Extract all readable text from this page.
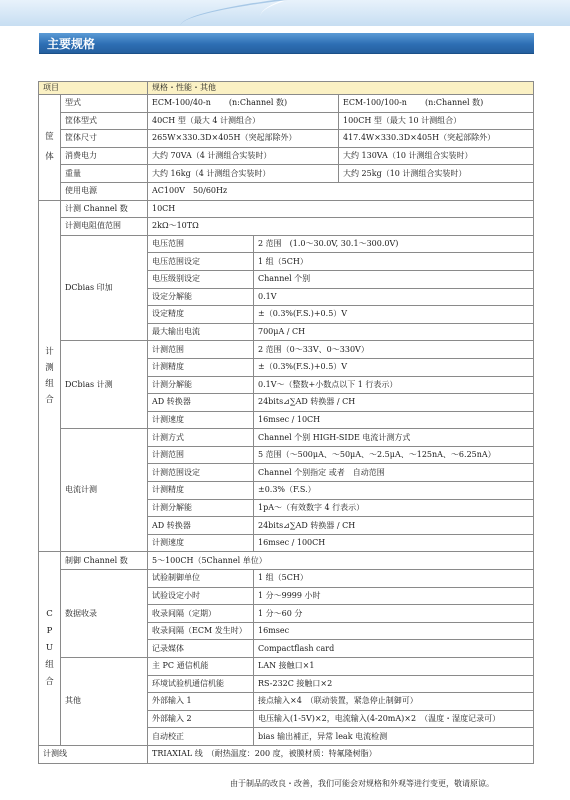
主要规格
项目		规格・性能・其他		
筐体	型式	ECM-100/40-n (n:Channel 数)		ECM-100/100-n (n:Channel 数)
	筐体型式	40CH 型（最大 4 计测组合）		100CH 型（最大 10 计测组合）
	筐体尺寸	265W×330.3D×405H（突起部除外）		417.4W×330.3D×405H（突起部除外）
	消费电力	大约 70VA（4 计测组合实装时）		大约 130VA（10 计测组合实装时）
	重量	大约 16kg（4 计测组合实装时）		大约 25kg（10 计测组合实装时）
	使用电源	AC100V　50/60Hz		
计测组合	计测 Channel 数	10CH		
	计测电阻值范围	2kΩ～10TΩ		
	DCbias 印加	电压范围	2 范围　(1.0～30.0V, 30.1～300.0V)	
		电压范围设定	1 组（5CH）	
		电压级别设定	Channel 个别	
		设定分解能	0.1V	
		设定精度	±（0.3%(F.S.)+0.5）V	
		最大输出电流	700μA / CH	
	DCbias 计测	计测范围	2 范围（0～33V、0～330V）	
		计测精度	±（0.3%(F.S.)+0.5）V	
		计测分解能	0.1V～（整数+小数点以下 1 行表示）	
		AD 转换器	24bits⊿∑AD 转换器 / CH	
		计测速度	16msec / 10CH	
	电流计测	计测方式	Channel 个别 HIGH-SIDE 电流计测方式	
		计测范围	5 范围（～500μA、～50μA、～2.5μA、～125nA、～6.25nA）	
		计测范围设定	Channel 个别指定 或者　自动范围	
		计测精度	±0.3%（F.S.）	
		计测分解能	1pA～（有效数字 4 行表示）	
		AD 转换器	24bits⊿∑AD 转换器 / CH	
		计测速度	16msec / 100CH	
CPU组合	制御 Channel 数	5～100CH（5Channel 单位）		
	数据收录	试验制御单位	1 组（5CH）	
		试验设定小时	1 分～9999 小时	
		收录间隔（定期）	1 分～60 分	
		收录间隔（ECM 发生时）	16msec	
		记录媒体	Compactflash card	
	其他	主 PC 通信机能	LAN 接触口×1	
		环境试验机通信机能	RS-232C 接触口×2	
		外部输入 1	接点输入×4　（联动装置，紧急停止制御可）	
		外部输入 2	电压输入(1-5V)×2，电流输入(4-20mA)×2　（温度・湿度记录可）	
		自动校正	bias 输出補正，异常 leak 电流检测	
计测线		TRIAXIAL 线　（耐热温度：200 度，被膜材质：特氟隆树脂）		
由于制品的改良・改善，我们可能会对规格和外观等进行变更，敬请原谅。
